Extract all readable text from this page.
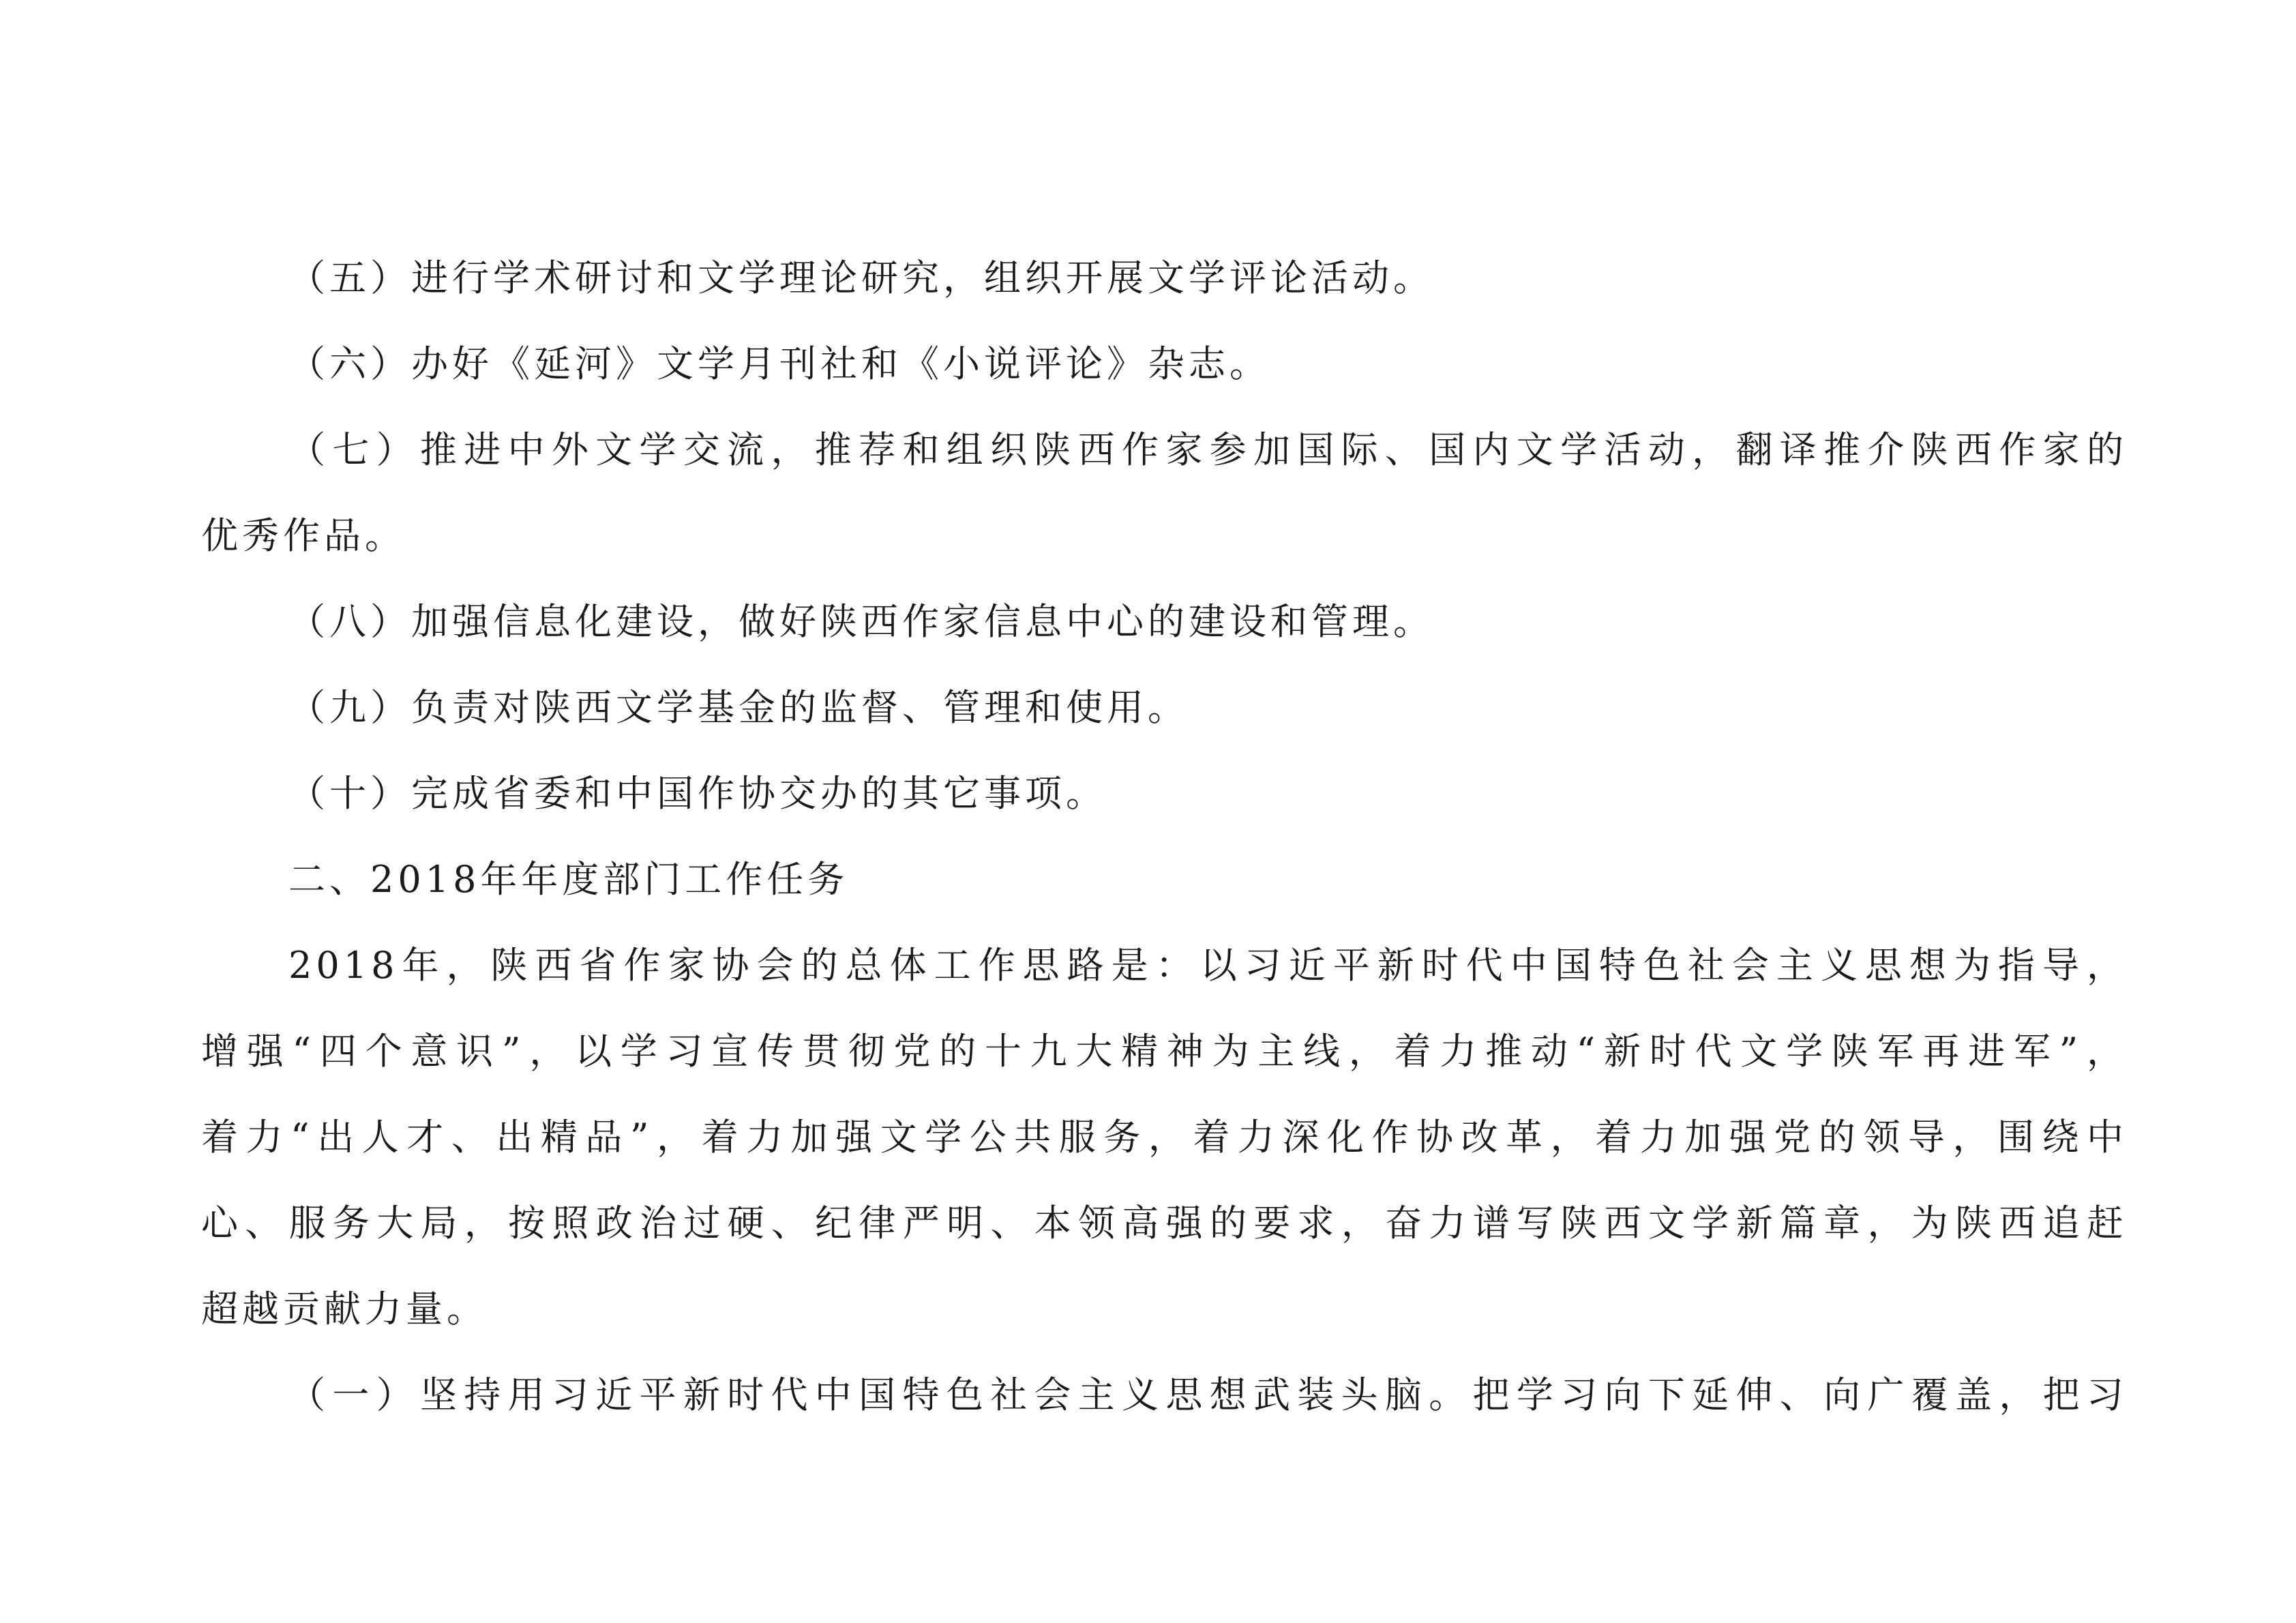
（五）进行学术研讨和文学理论研究，组织开展文学评论活动。
（六）办好《延河》文学月刊社和《小说评论》杂志。
（七）推进中外文学交流，推荐和组织陕西作家参加国际、国内文学活动，翻译推介陕西作家的
优秀作品。
（八）加强信息化建设，做好陕西作家信息中心的建设和管理。
（九）负责对陕西文学基金的监督、管理和使用。
（十）完成省委和中国作协交办的其它事项。
二、2018年年度部门工作任务
2018年，陕西省作家协会的总体工作思路是：以习近平新时代中国特色社会主义思想为指导，
增强“四个意识”，以学习宣传贯彻党的十九大精神为主线，着力推动“新时代文学陕军再进军”，
着力“出人才、出精品”，着力加强文学公共服务，着力深化作协改革，着力加强党的领导，围绕中
心、服务大局，按照政治过硬、纪律严明、本领高强的要求，奋力谱写陕西文学新篇章，为陕西追赶
超越贡献力量。
（一）坚持用习近平新时代中国特色社会主义思想武装头脑。把学习向下延伸、向广覆盖，把习
